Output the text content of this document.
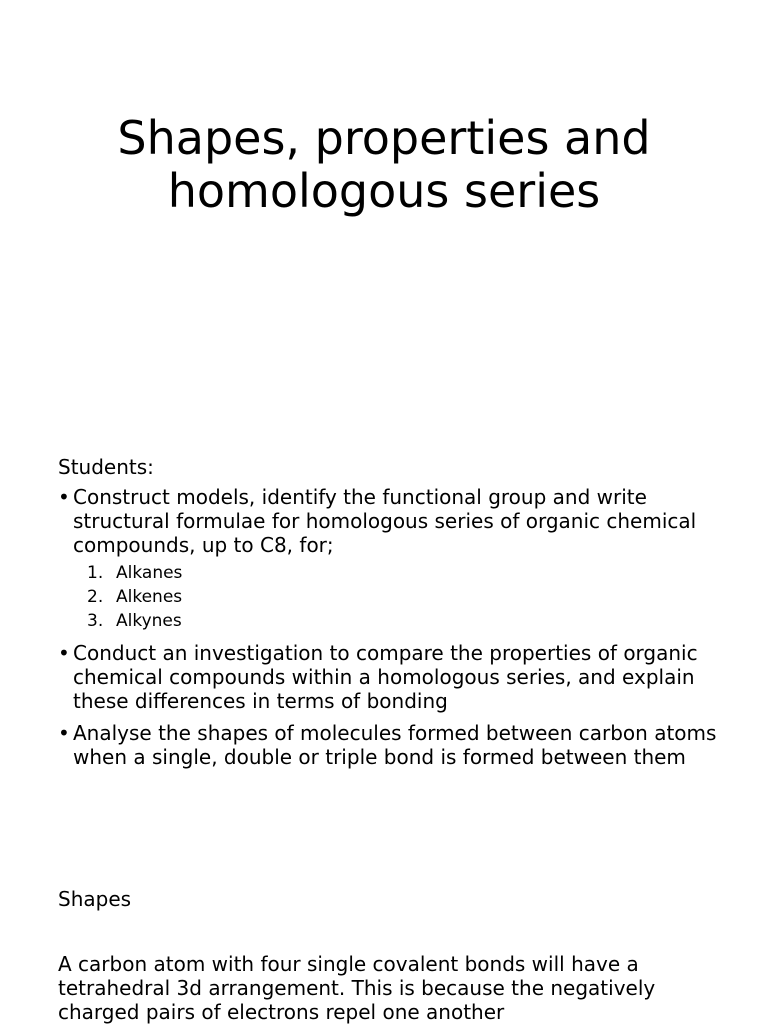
Shapes, properties and
homologous series

Students:

• Construct models, identify the functional group and write structural formulae for homologous series of organic chemical compounds, up to C8, for;
1. Alkanes
2. Alkenes
3. Alkynes
• Conduct an investigation to compare the properties of organic chemical compounds within a homologous series, and explain these differences in terms of bonding
• Analyse the shapes of molecules formed between carbon atoms when a single, double or triple bond is formed between them

Shapes

A carbon atom with four single covalent bonds will have a tetrahedral 3d arrangement. This is because the negatively charged pairs of electrons repel one another
